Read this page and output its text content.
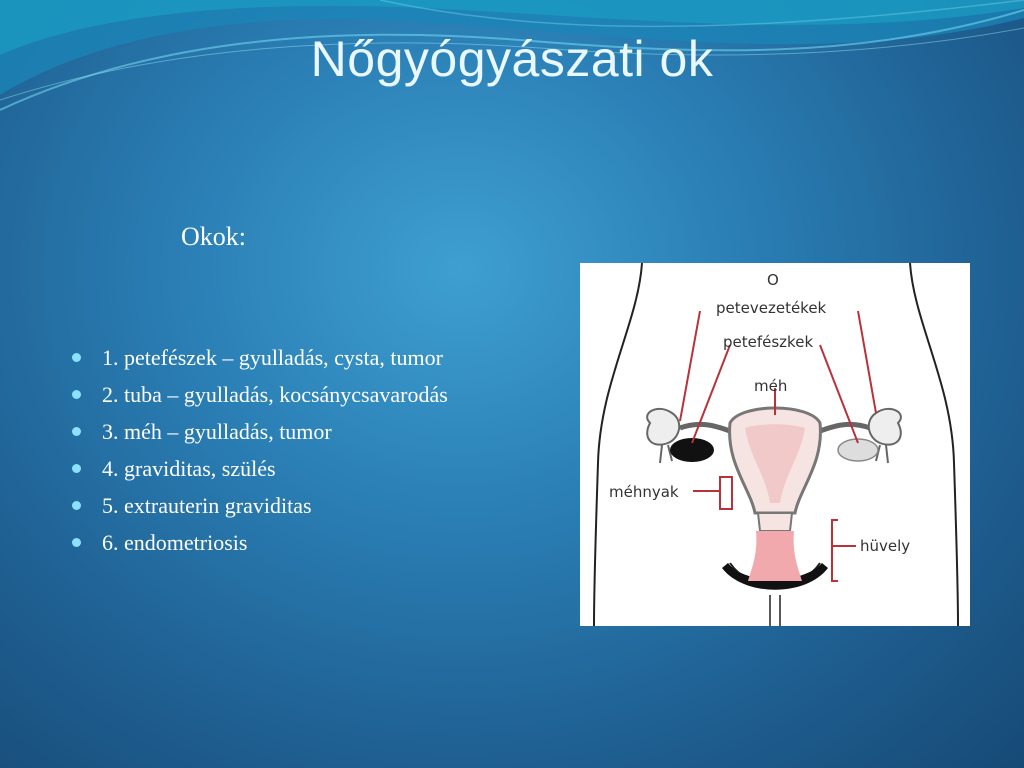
Nőgyógyászati ok
Okok:
1. petefészek – gyulladás, cysta, tumor
2. tuba – gyulladás, kocsánycsavarodás
3. méh – gyulladás, tumor
4. graviditas, szülés
5. extrauterin graviditas
6. endometriosis
O
petevezetékek
petefészkek
méh
méhnyak
hüvely
